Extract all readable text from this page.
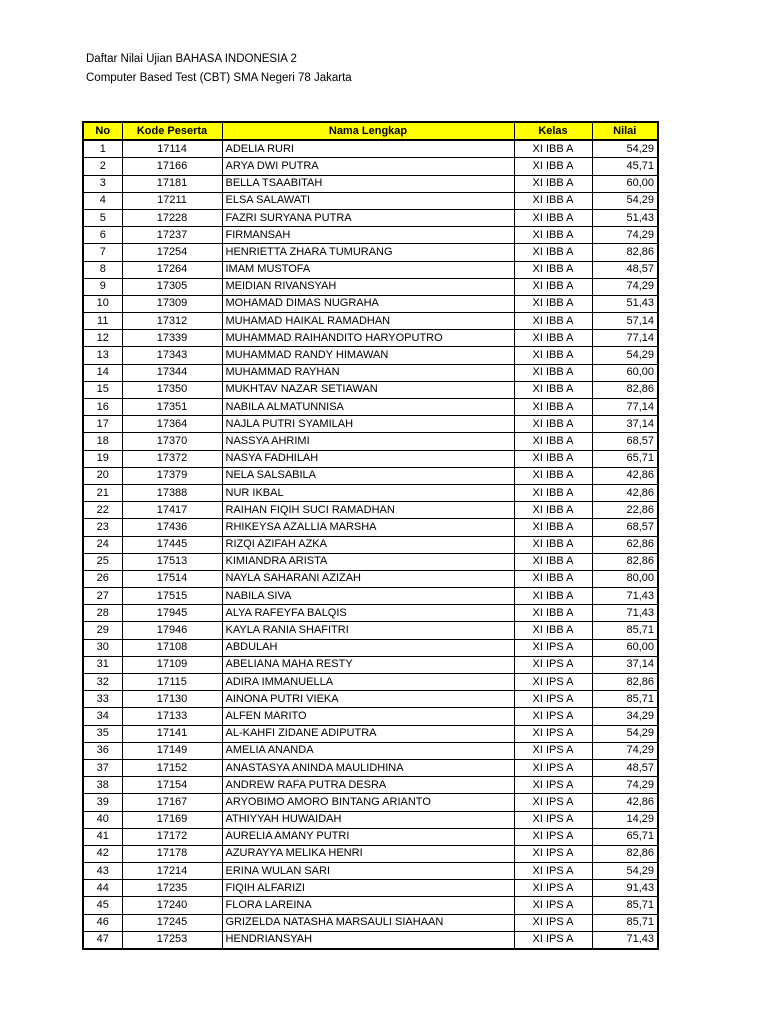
Daftar Nilai Ujian BAHASA INDONESIA 2
Computer Based Test (CBT) SMA Negeri 78 Jakarta
No	Kode Peserta	Nama Lengkap	Kelas	Nilai
1	17114	ADELIA RURI	XI IBB A	54,29
2	17166	ARYA DWI PUTRA	XI IBB A	45,71
3	17181	BELLA TSAABITAH	XI IBB A	60,00
4	17211	ELSA SALAWATI	XI IBB A	54,29
5	17228	FAZRI SURYANA PUTRA	XI IBB A	51,43
6	17237	FIRMANSAH	XI IBB A	74,29
7	17254	HENRIETTA ZHARA TUMURANG	XI IBB A	82,86
8	17264	IMAM MUSTOFA	XI IBB A	48,57
9	17305	MEIDIAN RIVANSYAH	XI IBB A	74,29
10	17309	MOHAMAD DIMAS NUGRAHA	XI IBB A	51,43
11	17312	MUHAMAD HAIKAL RAMADHAN	XI IBB A	57,14
12	17339	MUHAMMAD RAIHANDITO HARYOPUTRO	XI IBB A	77,14
13	17343	MUHAMMAD RANDY HIMAWAN	XI IBB A	54,29
14	17344	MUHAMMAD RAYHAN	XI IBB A	60,00
15	17350	MUKHTAV NAZAR SETIAWAN	XI IBB A	82,86
16	17351	NABILA ALMATUNNISA	XI IBB A	77,14
17	17364	NAJLA PUTRI SYAMILAH	XI IBB A	37,14
18	17370	NASSYA AHRIMI	XI IBB A	68,57
19	17372	NASYA FADHILAH	XI IBB A	65,71
20	17379	NELA SALSABILA	XI IBB A	42,86
21	17388	NUR IKBAL	XI IBB A	42,86
22	17417	RAIHAN FIQIH SUCI RAMADHAN	XI IBB A	22,86
23	17436	RHIKEYSA AZALLIA MARSHA	XI IBB A	68,57
24	17445	RIZQI AZIFAH AZKA	XI IBB A	62,86
25	17513	KIMIANDRA ARISTA	XI IBB A	82,86
26	17514	NAYLA SAHARANI AZIZAH	XI IBB A	80,00
27	17515	NABILA SIVA	XI IBB A	71,43
28	17945	ALYA RAFEYFA BALQIS	XI IBB A	71,43
29	17946	KAYLA RANIA SHAFITRI	XI IBB A	85,71
30	17108	ABDULAH	XI IPS A	60,00
31	17109	ABELIANA MAHA RESTY	XI IPS A	37,14
32	17115	ADIRA IMMANUELLA	XI IPS A	82,86
33	17130	AINONA PUTRI VIEKA	XI IPS A	85,71
34	17133	ALFEN MARITO	XI IPS A	34,29
35	17141	AL-KAHFI ZIDANE ADIPUTRA	XI IPS A	54,29
36	17149	AMELIA ANANDA	XI IPS A	74,29
37	17152	ANASTASYA ANINDA MAULIDHINA	XI IPS A	48,57
38	17154	ANDREW RAFA PUTRA DESRA	XI IPS A	74,29
39	17167	ARYOBIMO AMORO BINTANG ARIANTO	XI IPS A	42,86
40	17169	ATHIYYAH HUWAIDAH	XI IPS A	14,29
41	17172	AURELIA AMANY PUTRI	XI IPS A	65,71
42	17178	AZURAYYA MELIKA HENRI	XI IPS A	82,86
43	17214	ERINA WULAN SARI	XI IPS A	54,29
44	17235	FIQIH ALFARIZI	XI IPS A	91,43
45	17240	FLORA LAREINA	XI IPS A	85,71
46	17245	GRIZELDA NATASHA MARSAULI SIAHAAN	XI IPS A	85,71
47	17253	HENDRIANSYAH	XI IPS A	71,43
